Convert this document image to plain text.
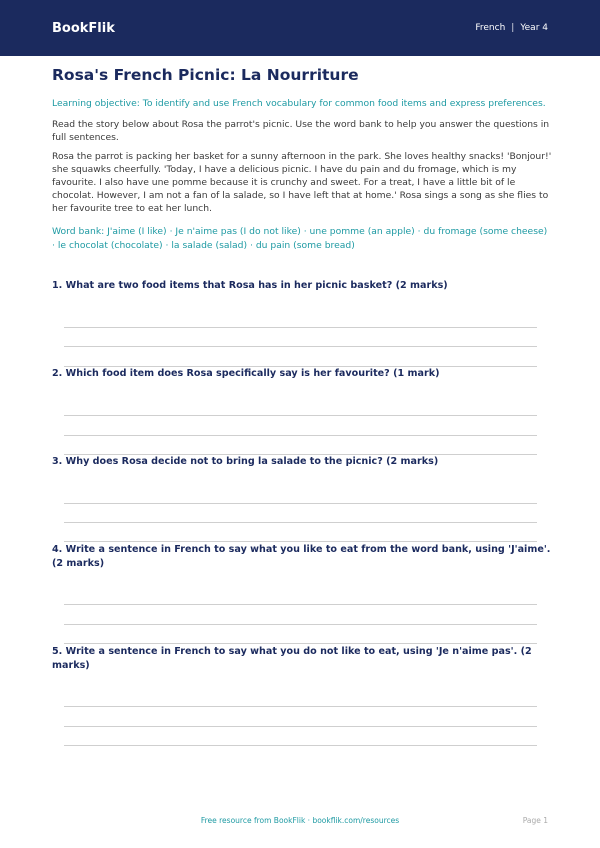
BookFlik	French | Year 4
Rosa's French Picnic: La Nourriture

Learning objective: To identify and use French vocabulary for common food items and express preferences.

Read the story below about Rosa the parrot's picnic. Use the word bank to help you answer the questions in full sentences.

Rosa the parrot is packing her basket for a sunny afternoon in the park. She loves healthy snacks! 'Bonjour!' she squawks cheerfully. 'Today, I have a delicious picnic. I have du pain and du fromage, which is my favourite. I also have une pomme because it is crunchy and sweet. For a treat, I have a little bit of le chocolat. However, I am not a fan of la salade, so I have left that at home.' Rosa sings a song as she flies to her favourite tree to eat her lunch.

Word bank: J'aime (I like) · Je n'aime pas (I do not like) · une pomme (an apple) · du fromage (some cheese) · le chocolat (chocolate) · la salade (salad) · du pain (some bread)

1. What are two food items that Rosa has in her picnic basket? (2 marks)
2. Which food item does Rosa specifically say is her favourite? (1 mark)
3. Why does Rosa decide not to bring la salade to the picnic? (2 marks)
4. Write a sentence in French to say what you like to eat from the word bank, using 'J'aime'. (2 marks)
5. Write a sentence in French to say what you do not like to eat, using 'Je n'aime pas'. (2 marks)
Free resource from BookFlik · bookflik.com/resources	Page 1
